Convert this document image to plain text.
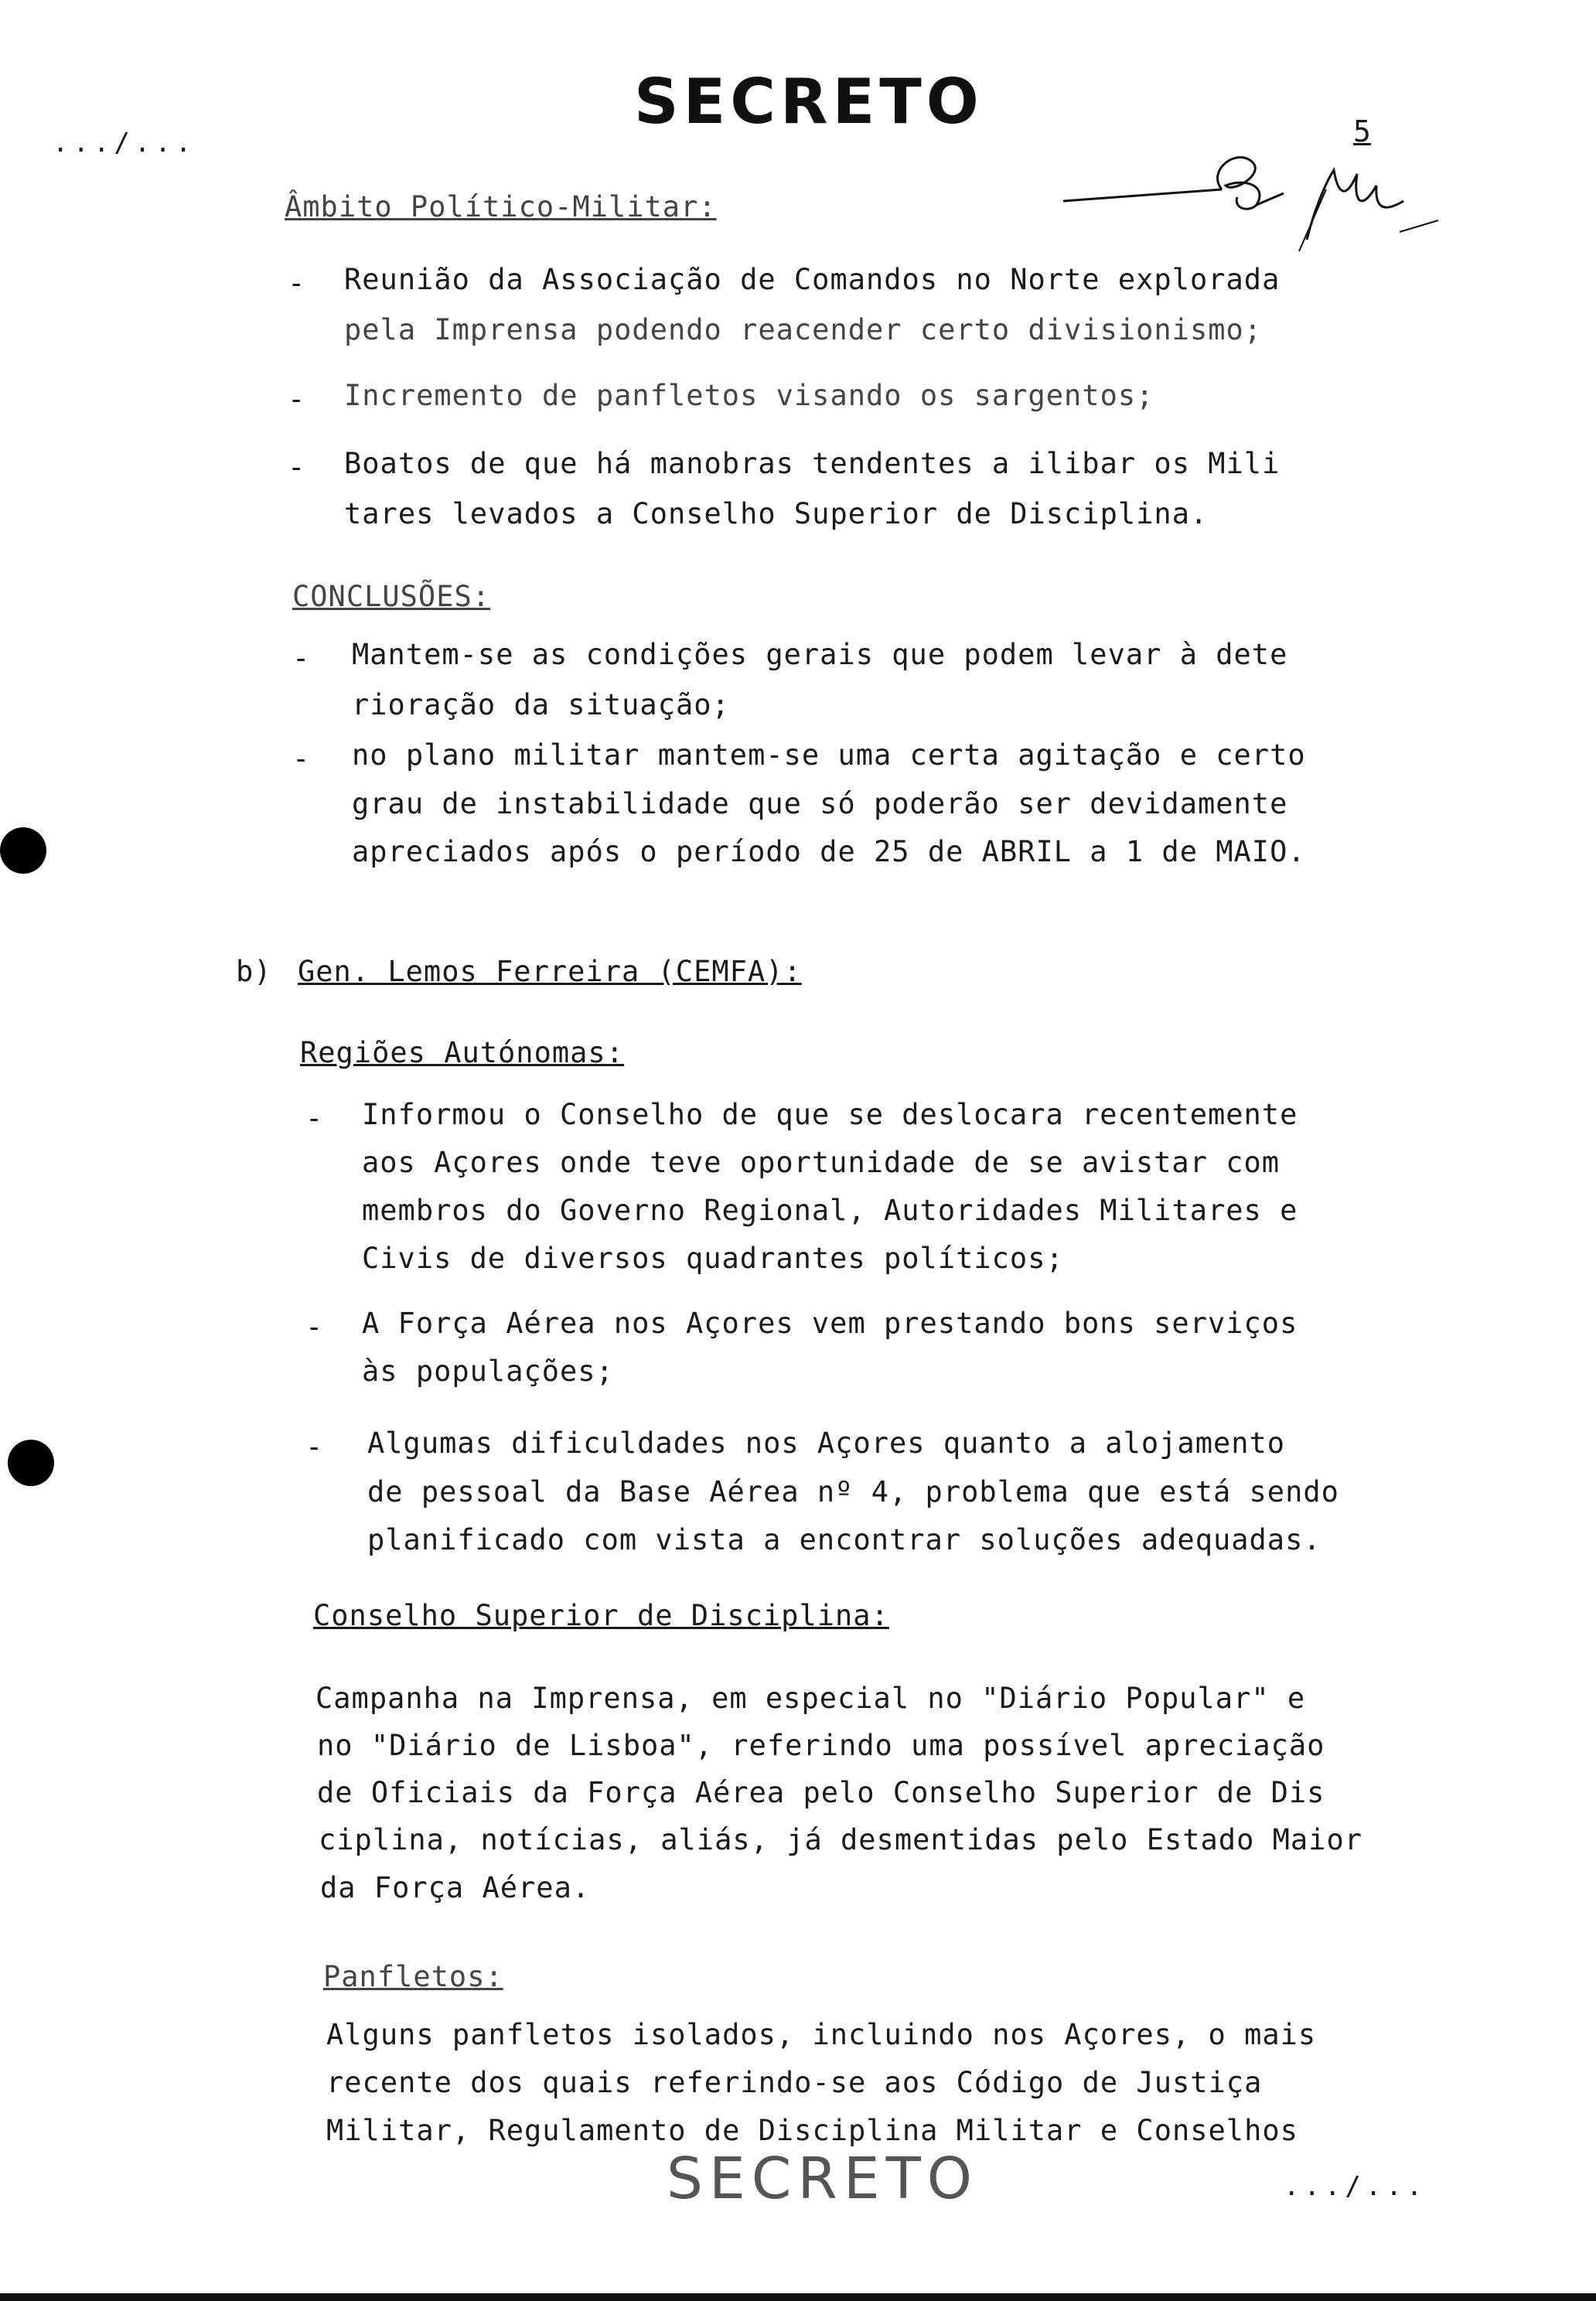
SECRETO
.../...	5
Âmbito Político-Militar:
- Reunião da Associação de Comandos no Norte explorada
pela Imprensa podendo reacender certo divisionismo;
- Incremento de panfletos visando os sargentos;
- Boatos de que há manobras tendentes a ilibar os Mili
tares levados a Conselho Superior de Disciplina.
CONCLUSÕES:
- Mantem-se as condições gerais que podem levar à dete
rioração da situação;
- no plano militar mantem-se uma certa agitação e certo
grau de instabilidade que só poderão ser devidamente
apreciados após o período de 25 de ABRIL a 1 de MAIO.
b) Gen. Lemos Ferreira (CEMFA):
Regiões Autónomas:
- Informou o Conselho de que se deslocara recentemente
aos Açores onde teve oportunidade de se avistar com
membros do Governo Regional, Autoridades Militares e
Civis de diversos quadrantes políticos;
- A Força Aérea nos Açores vem prestando bons serviços
às populações;
- Algumas dificuldades nos Açores quanto a alojamento
de pessoal da Base Aérea nº 4, problema que está sendo
planificado com vista a encontrar soluções adequadas.
Conselho Superior de Disciplina:
Campanha na Imprensa, em especial no "Diário Popular" e
no "Diário de Lisboa", referindo uma possível apreciação
de Oficiais da Força Aérea pelo Conselho Superior de Dis
ciplina, notícias, aliás, já desmentidas pelo Estado Maior
da Força Aérea.
Panfletos:
Alguns panfletos isolados, incluindo nos Açores, o mais
recente dos quais referindo-se aos Código de Justiça
Militar, Regulamento de Disciplina Militar e Conselhos
SECRETO	.../...
